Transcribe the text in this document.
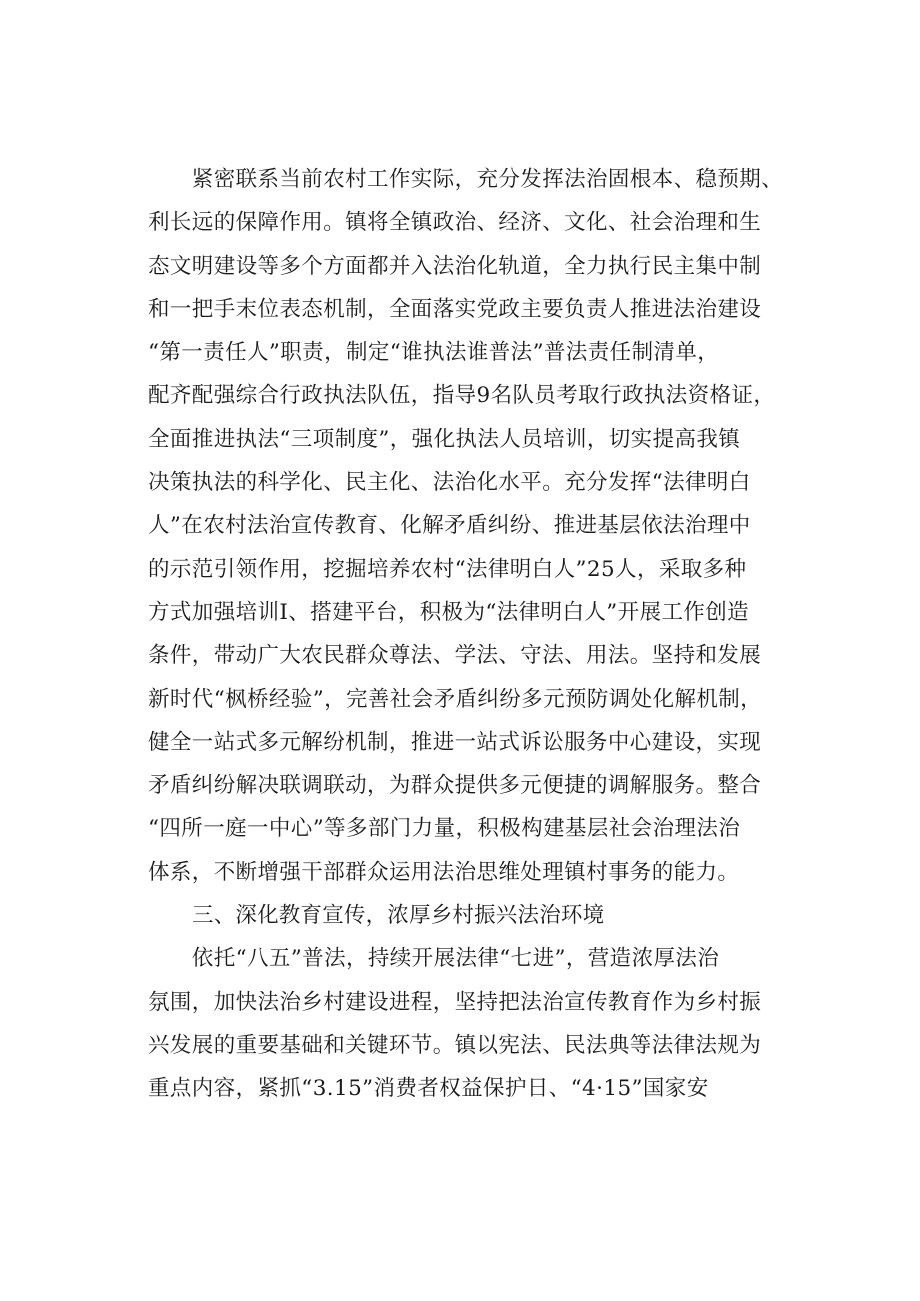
　　紧密联系当前农村工作实际，充分发挥法治固根本、稳预期、
利长远的保障作用。镇将全镇政治、经济、文化、社会治理和生
态文明建设等多个方面都并入法治化轨道，全力执行民主集中制
和一把手末位表态机制，全面落实党政主要负责人推进法治建设
“第一责任人”职责，制定“谁执法谁普法”普法责任制清单，
配齐配强综合行政执法队伍，指导9名队员考取行政执法资格证，
全面推进执法“三项制度”，强化执法人员培训，切实提高我镇
决策执法的科学化、民主化、法治化水平。充分发挥“法律明白
人”在农村法治宣传教育、化解矛盾纠纷、推进基层依法治理中
的示范引领作用，挖掘培养农村“法律明白人”25人，采取多种
方式加强培训I、搭建平台，积极为“法律明白人”开展工作创造
条件，带动广大农民群众尊法、学法、守法、用法。坚持和发展
新时代“枫桥经验”，完善社会矛盾纠纷多元预防调处化解机制，
健全一站式多元解纷机制，推进一站式诉讼服务中心建设，实现
矛盾纠纷解决联调联动，为群众提供多元便捷的调解服务。整合
“四所一庭一中心”等多部门力量，积极构建基层社会治理法治
体系，不断增强干部群众运用法治思维处理镇村事务的能力。
三、深化教育宣传，浓厚乡村振兴法治环境
　　依托“八五”普法，持续开展法律“七进”，营造浓厚法治
氛围，加快法治乡村建设进程，坚持把法治宣传教育作为乡村振
兴发展的重要基础和关键环节。镇以宪法、民法典等法律法规为
重点内容，紧抓“3.15”消费者权益保护日、“4·15”国家安
